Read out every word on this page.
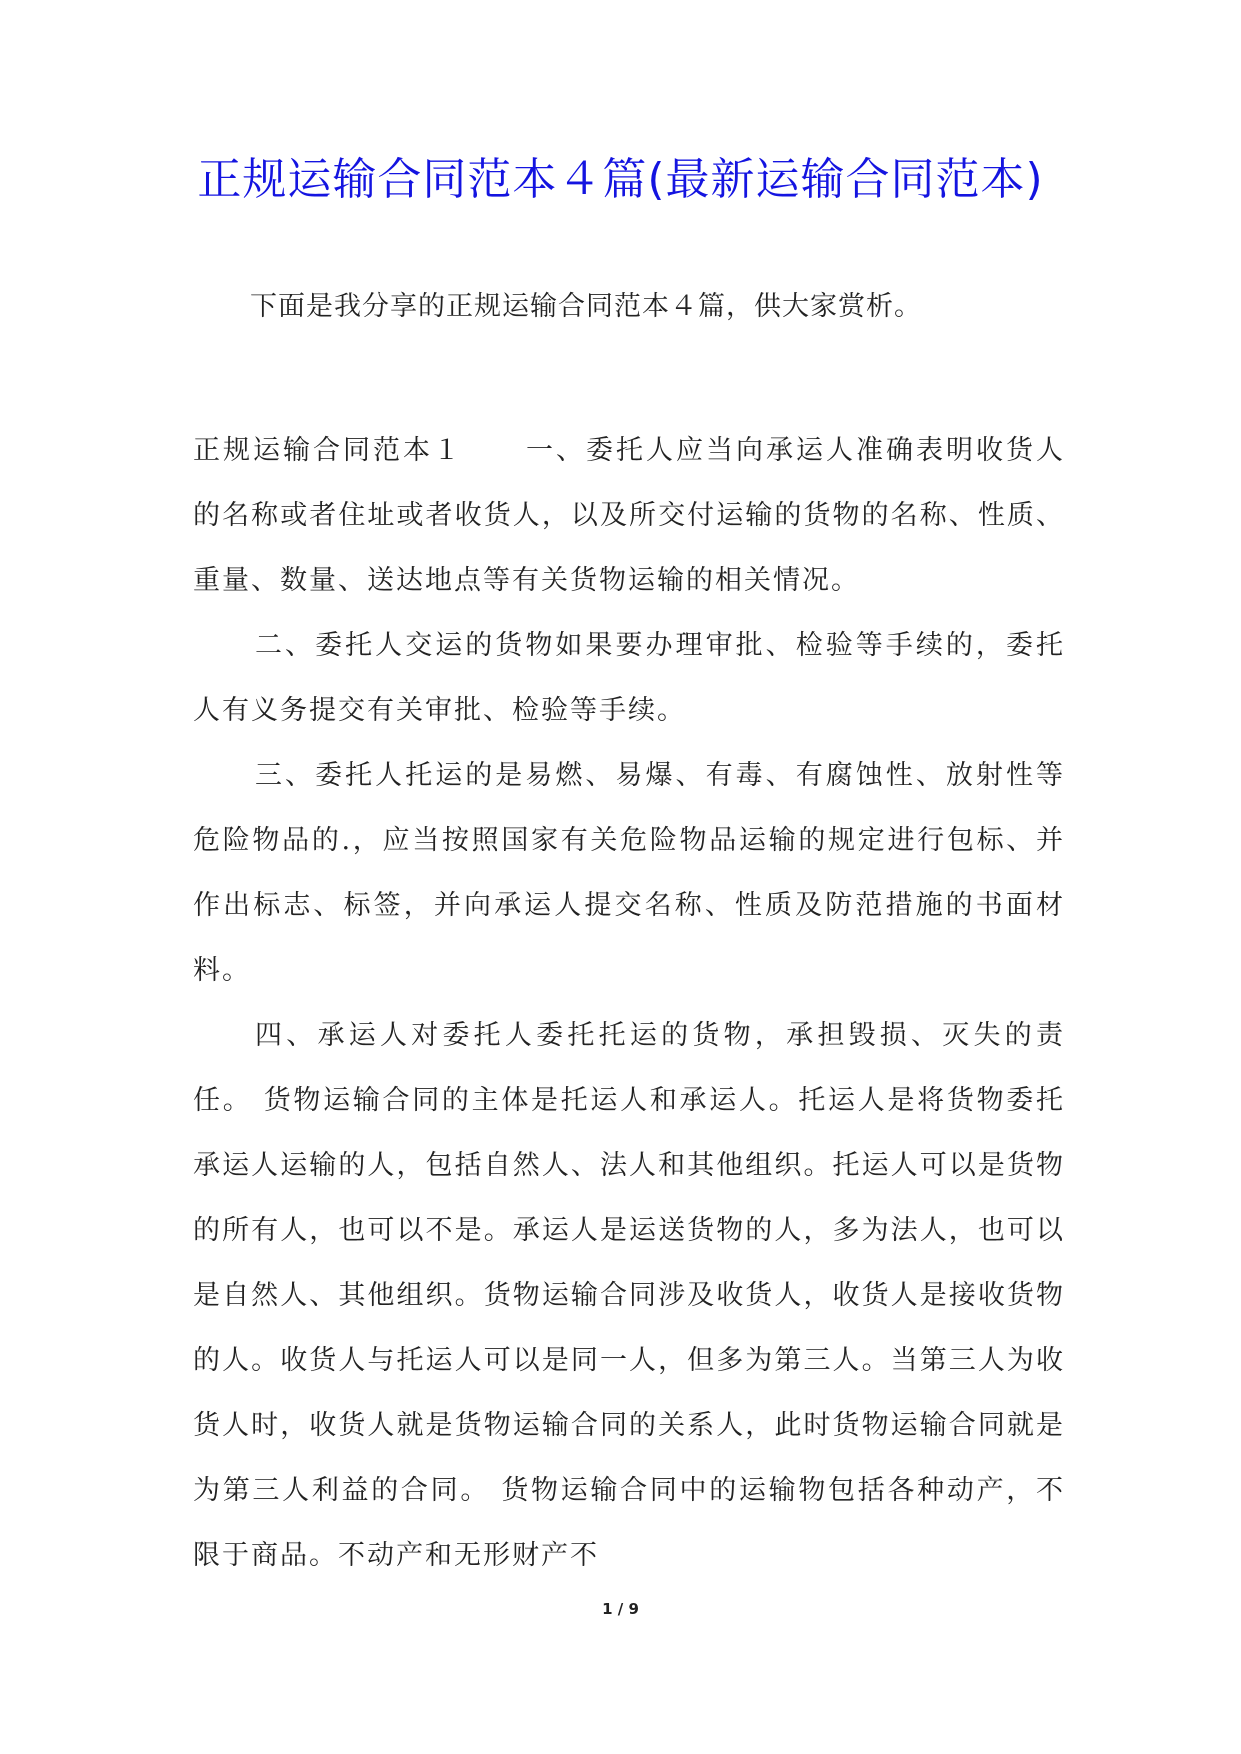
正规运输合同范本４篇(最新运输合同范本)

下面是我分享的正规运输合同范本４篇，供大家赏析。

正规运输合同范本１ 一、委托人应当向承运人准确表明收货人的名称或者住址或者收货人，以及所交付运输的货物的名称、性质、重量、数量、送达地点等有关货物运输的相关情况。

二、委托人交运的货物如果要办理审批、检验等手续的，委托人有义务提交有关审批、检验等手续。

三、委托人托运的是易燃、易爆、有毒、有腐蚀性、放射性等危险物品的.，应当按照国家有关危险物品运输的规定进行包标、并作出标志、标签，并向承运人提交名称、性质及防范措施的书面材料。

四、承运人对委托人委托托运的货物，承担毁损、灭失的责任。 货物运输合同的主体是托运人和承运人。托运人是将货物委托承运人运输的人，包括自然人、法人和其他组织。托运人可以是货物的所有人，也可以不是。承运人是运送货物的人，多为法人，也可以是自然人、其他组织。货物运输合同涉及收货人，收货人是接收货物的人。收货人与托运人可以是同一人，但多为第三人。当第三人为收货人时，收货人就是货物运输合同的关系人，此时货物运输合同就是为第三人利益的合同。 货物运输合同中的运输物包括各种动产，不限于商品。不动产和无形财产不

1 / 9
